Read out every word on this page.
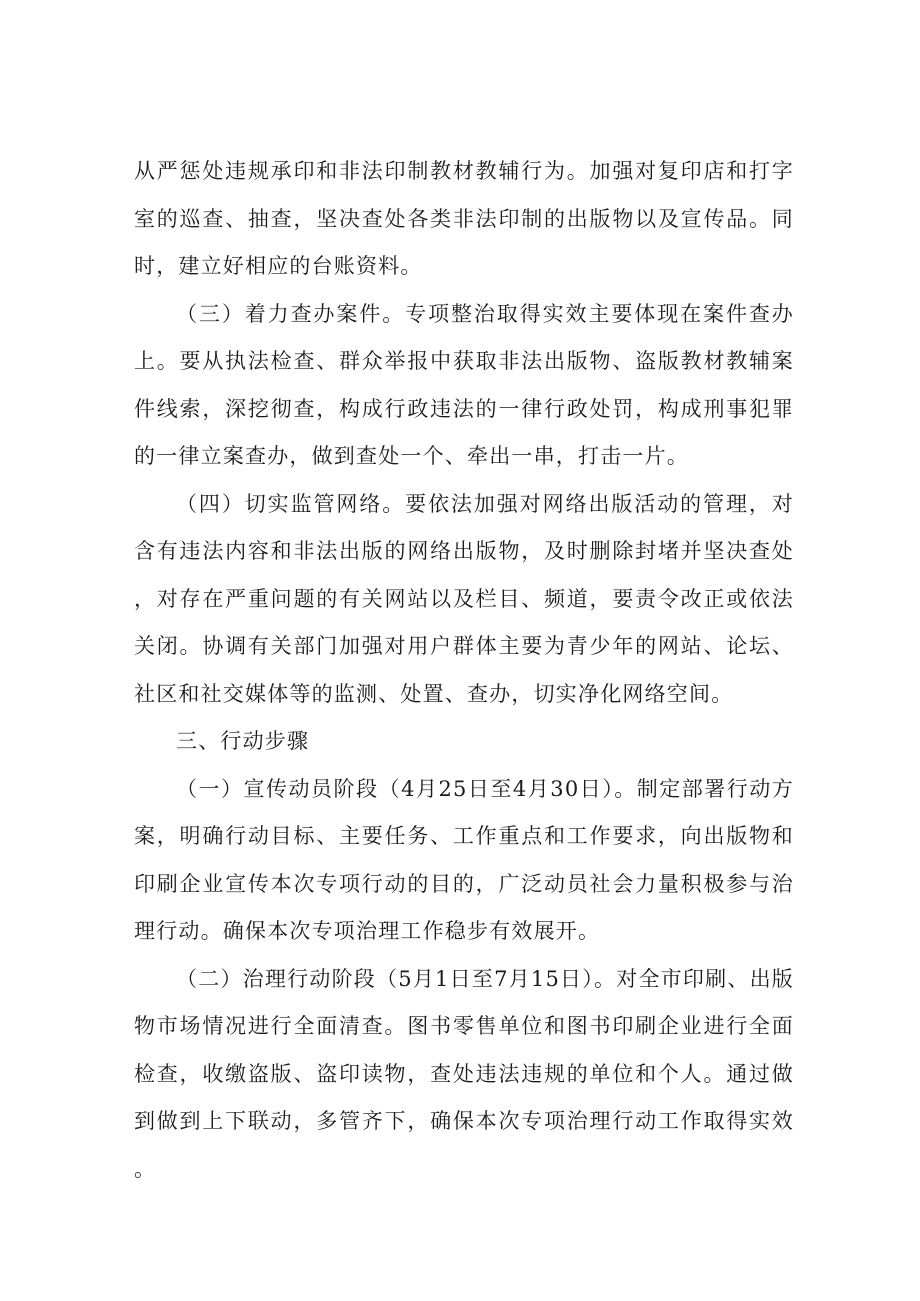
从严惩处违规承印和非法印制教材教辅行为。加强对复印店和打字室的巡查、抽查，坚决查处各类非法印制的出版物以及宣传品。同时，建立好相应的台账资料。

（三）着力查办案件。专项整治取得实效主要体现在案件查办上。要从执法检查、群众举报中获取非法出版物、盗版教材教辅案件线索，深挖彻查，构成行政违法的一律行政处罚，构成刑事犯罪的一律立案查办，做到查处一个、牵出一串，打击一片。

（四）切实监管网络。要依法加强对网络出版活动的管理，对含有违法内容和非法出版的网络出版物，及时删除封堵并坚决查处，对存在严重问题的有关网站以及栏目、频道，要责令改正或依法关闭。协调有关部门加强对用户群体主要为青少年的网站、论坛、社区和社交媒体等的监测、处置、查办，切实净化网络空间。

三、行动步骤

（一）宣传动员阶段（4月25日至4月30日）。制定部署行动方案，明确行动目标、主要任务、工作重点和工作要求，向出版物和印刷企业宣传本次专项行动的目的，广泛动员社会力量积极参与治理行动。确保本次专项治理工作稳步有效展开。

（二）治理行动阶段（5月1日至7月15日）。对全市印刷、出版物市场情况进行全面清查。图书零售单位和图书印刷企业进行全面检查，收缴盗版、盗印读物，查处违法违规的单位和个人。通过做到做到上下联动，多管齐下，确保本次专项治理行动工作取得实效。
